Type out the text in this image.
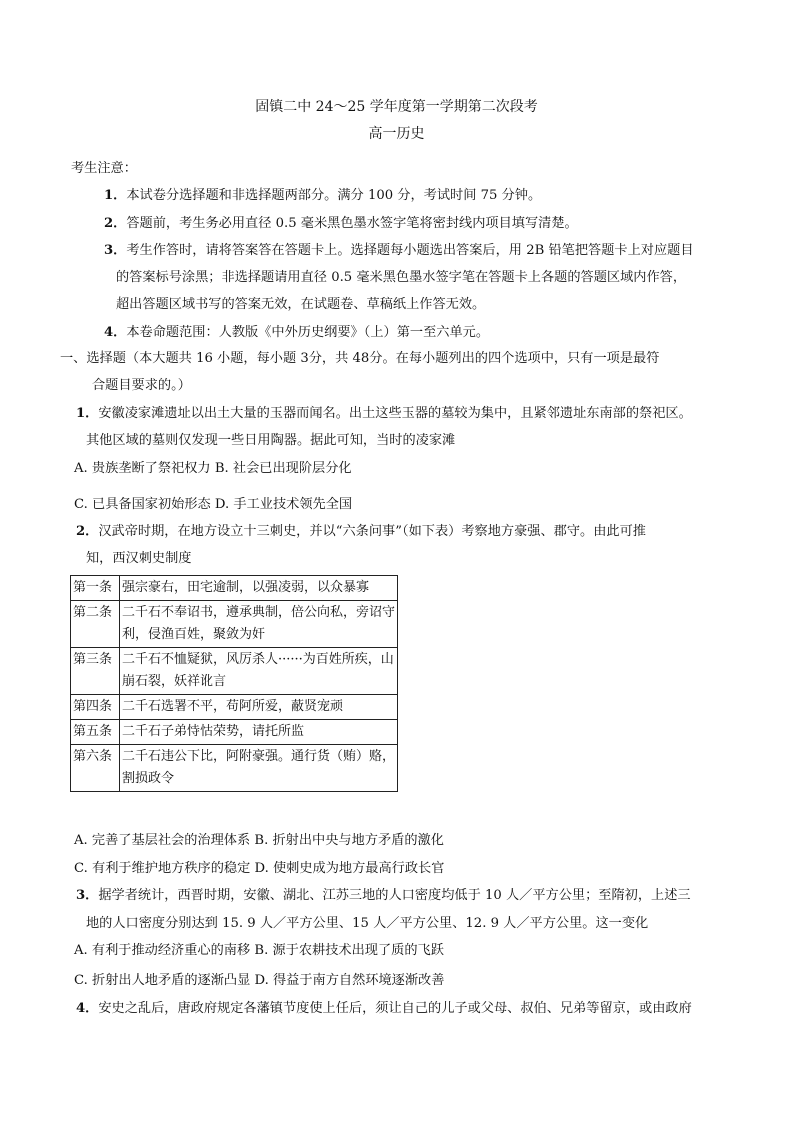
固镇二中 24～25 学年度第一学期第二次段考
高一历史
考生注意：
1．本试卷分选择题和非选择题两部分。满分 100 分，考试时间 75 分钟。
2．答题前，考生务必用直径 0.5 毫米黑色墨水签字笔将密封线内项目填写清楚。
3．考生作答时，请将答案答在答题卡上。选择题每小题选出答案后，用 2B 铅笔把答题卡上对应题目
的答案标号涂黑；非选择题请用直径 0.5 毫米黑色墨水签字笔在答题卡上各题的答题区域内作答，
超出答题区域书写的答案无效，在试题卷、草稿纸上作答无效。
4．本卷命题范围：人教版《中外历史纲要》（上）第一至六单元。
一、选择题（本大题共 16 小题，每小题 3分，共 48分。在每小题列出的四个选项中，只有一项是最符
合题目要求的。）
1．安徽凌家滩遗址以出土大量的玉器而闻名。出土这些玉器的墓较为集中，且紧邻遗址东南部的祭祀区。
其他区域的墓则仅发现一些日用陶器。据此可知，当时的凌家滩
A. 贵族垄断了祭祀权力 B. 社会已出现阶层分化
C. 已具备国家初始形态 D. 手工业技术领先全国
2．汉武帝时期，在地方设立十三刺史，并以“六条问事”（如下表）考察地方豪强、郡守。由此可推
知，西汉刺史制度
第一条	强宗豪右，田宅逾制，以强凌弱，以众暴寡
第二条	二千石不奉诏书，遵承典制，倍公向私，旁诏守利，侵渔百姓，聚敛为奸
第三条	二千石不恤疑狱，风厉杀人······为百姓所疾，山崩石裂，妖祥讹言
第四条	二千石选署不平，苟阿所爱，蔽贤宠顽
第五条	二千石子弟恃怙荣势，请托所监
第六条	二千石违公下比，阿附豪强。通行货（贿）赂，割损政令
A. 完善了基层社会的治理体系 B. 折射出中央与地方矛盾的激化
C. 有利于维护地方秩序的稳定 D. 使刺史成为地方最高行政长官
3．据学者统计，西晋时期，安徽、湖北、江苏三地的人口密度均低于 10 人／平方公里；至隋初，上述三
地的人口密度分别达到 15. 9 人／平方公里、15 人／平方公里、12. 9 人／平方公里。这一变化
A. 有利于推动经济重心的南移 B. 源于农耕技术出现了质的飞跃
C. 折射出人地矛盾的逐渐凸显 D. 得益于南方自然环境逐渐改善
4．安史之乱后，唐政府规定各藩镇节度使上任后，须让自己的儿子或父母、叔伯、兄弟等留京，或由政府
